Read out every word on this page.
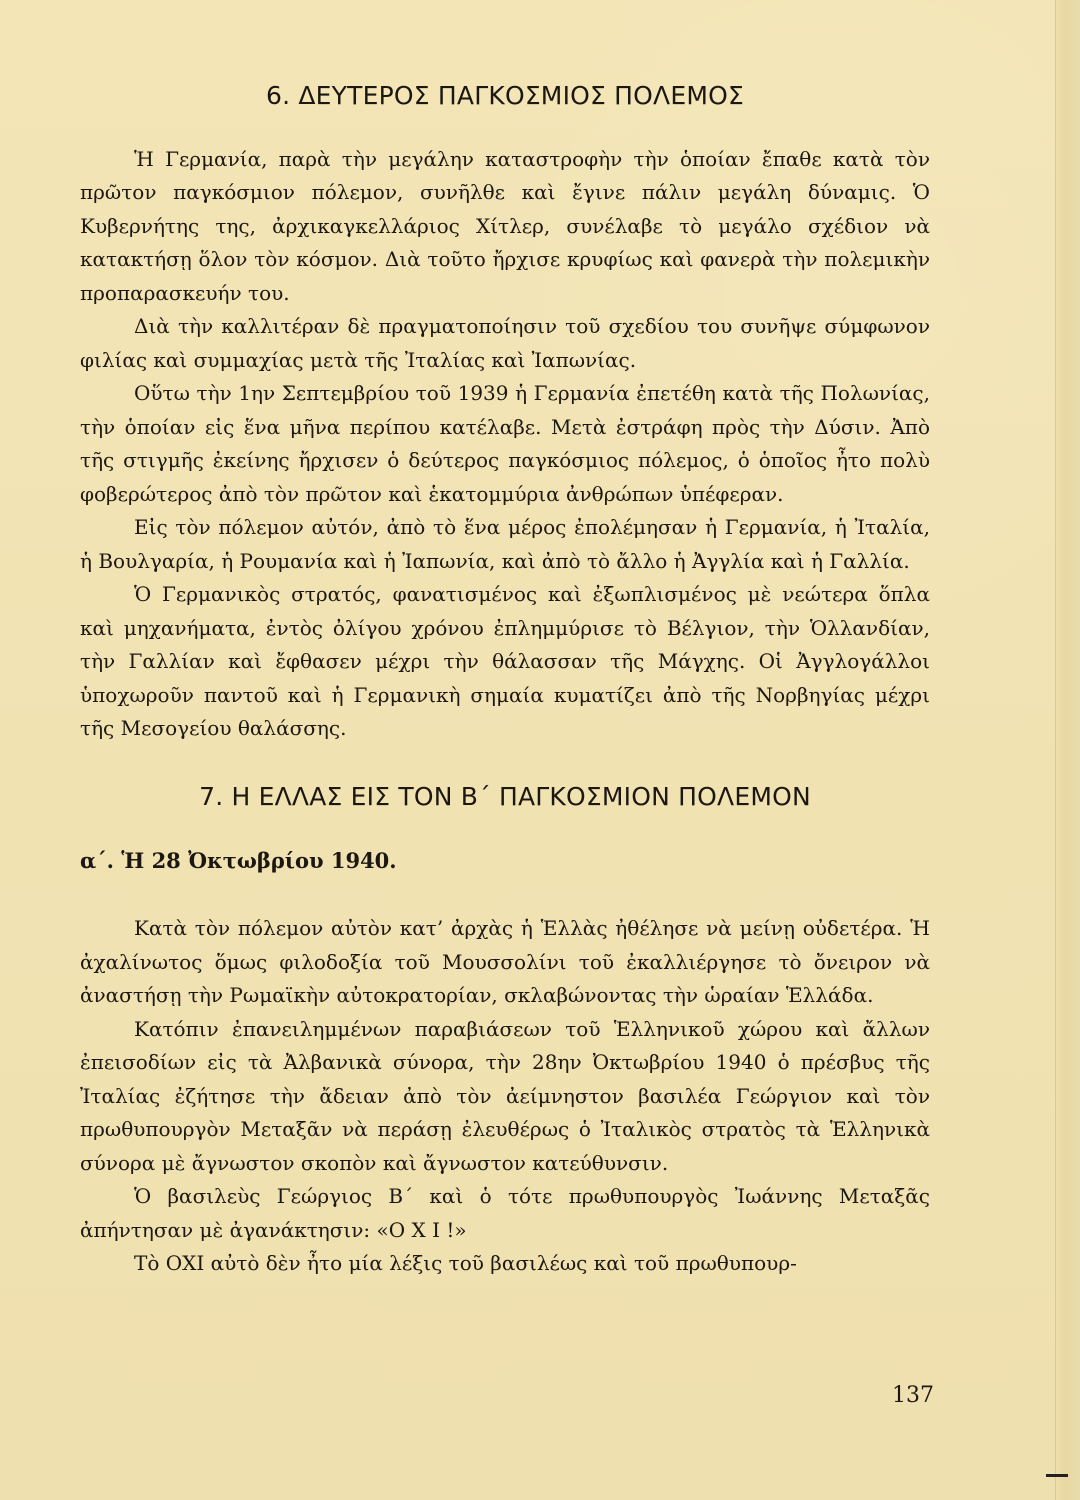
6. ΔΕΥΤΕΡΟΣ ΠΑΓΚΟΣΜΙΟΣ ΠΟΛΕΜΟΣ

Ἡ Γερμανία, παρὰ τὴν μεγάλην καταστροφὴν τὴν ὁποίαν ἔπαθε κατὰ τὸν πρῶτον παγκόσμιον πόλεμον, συνῆλθε καὶ ἔγινε πάλιν μεγάλη δύναμις. Ὁ Κυβερνήτης της, ἀρχικαγκελλάριος Χίτλερ, συνέλαβε τὸ μεγάλο σχέδιον νὰ κατακτήσῃ ὅλον τὸν κόσμον. Διὰ τοῦτο ἤρχισε κρυφίως καὶ φανερὰ τὴν πολεμικὴν προπαρασκευήν του.

Διὰ τὴν καλλιτέραν δὲ πραγματοποίησιν τοῦ σχεδίου του συνῆψε σύμφωνον φιλίας καὶ συμμαχίας μετὰ τῆς Ἰταλίας καὶ Ἰαπωνίας.

Οὕτω τὴν 1ην Σεπτεμβρίου τοῦ 1939 ἡ Γερμανία ἐπετέθη κατὰ τῆς Πολωνίας, τὴν ὁποίαν εἰς ἕνα μῆνα περίπου κατέλαβε. Μετὰ ἐστράφη πρὸς τὴν Δύσιν. Ἀπὸ τῆς στιγμῆς ἐκείνης ἤρχισεν ὁ δεύτερος παγκόσμιος πόλεμος, ὁ ὁποῖος ἦτο πολὺ φοβερώτερος ἀπὸ τὸν πρῶτον καὶ ἑκατομμύρια ἀνθρώπων ὑπέφεραν.

Εἰς τὸν πόλεμον αὐτόν, ἀπὸ τὸ ἕνα μέρος ἐπολέμησαν ἡ Γερμανία, ἡ Ἰταλία, ἡ Βουλγαρία, ἡ Ρουμανία καὶ ἡ Ἰαπωνία, καὶ ἀπὸ τὸ ἄλλο ἡ Ἀγγλία καὶ ἡ Γαλλία.

Ὁ Γερμανικὸς στρατός, φανατισμένος καὶ ἐξωπλισμένος μὲ νεώτερα ὅπλα καὶ μηχανήματα, ἐντὸς ὀλίγου χρόνου ἐπλημμύρισε τὸ Βέλγιον, τὴν Ὁλλανδίαν, τὴν Γαλλίαν καὶ ἔφθασεν μέχρι τὴν θάλασσαν τῆς Μάγχης. Οἱ Ἀγγλογάλλοι ὑποχωροῦν παντοῦ καὶ ἡ Γερμανικὴ σημαία κυματίζει ἀπὸ τῆς Νορβηγίας μέχρι τῆς Μεσογείου θαλάσσης.

7. Η ΕΛΛΑΣ ΕΙΣ ΤΟΝ Β΄ ΠΑΓΚΟΣΜΙΟΝ ΠΟΛΕΜΟΝ
α΄. Ἡ 28 Ὀκτωβρίου 1940.

Κατὰ τὸν πόλεμον αὐτὸν κατ’ ἀρχὰς ἡ Ἑλλὰς ἠθέλησε νὰ μείνῃ οὐδετέρα. Ἡ ἀχαλίνωτος ὅμως φιλοδοξία τοῦ Μουσσολίνι τοῦ ἐκαλλιέργησε τὸ ὄνειρον νὰ ἀναστήσῃ τὴν Ρωμαϊκὴν αὐτοκρατορίαν, σκλαβώνοντας τὴν ὡραίαν Ἑλλάδα.

Κατόπιν ἐπανειλημμένων παραβιάσεων τοῦ Ἑλληνικοῦ χώρου καὶ ἄλλων ἐπεισοδίων εἰς τὰ Ἀλβανικὰ σύνορα, τὴν 28ην Ὀκτωβρίου 1940 ὁ πρέσβυς τῆς Ἰταλίας ἐζήτησε τὴν ἄδειαν ἀπὸ τὸν ἀείμνηστον βασιλέα Γεώργιον καὶ τὸν πρωθυπουργὸν Μεταξᾶν νὰ περάσῃ ἐλευθέρως ὁ Ἰταλικὸς στρατὸς τὰ Ἑλληνικὰ σύνορα μὲ ἄγνωστον σκοπὸν καὶ ἄγνωστον κατεύθυνσιν.

Ὁ βασιλεὺς Γεώργιος Β΄ καὶ ὁ τότε πρωθυπουργὸς Ἰωάννης Μεταξᾶς ἀπήντησαν μὲ ἀγανάκτησιν: «Ο Χ Ι !»

Τὸ ΟΧΙ αὐτὸ δὲν ἦτο μία λέξις τοῦ βασιλέως καὶ τοῦ πρωθυπουρ-

137
